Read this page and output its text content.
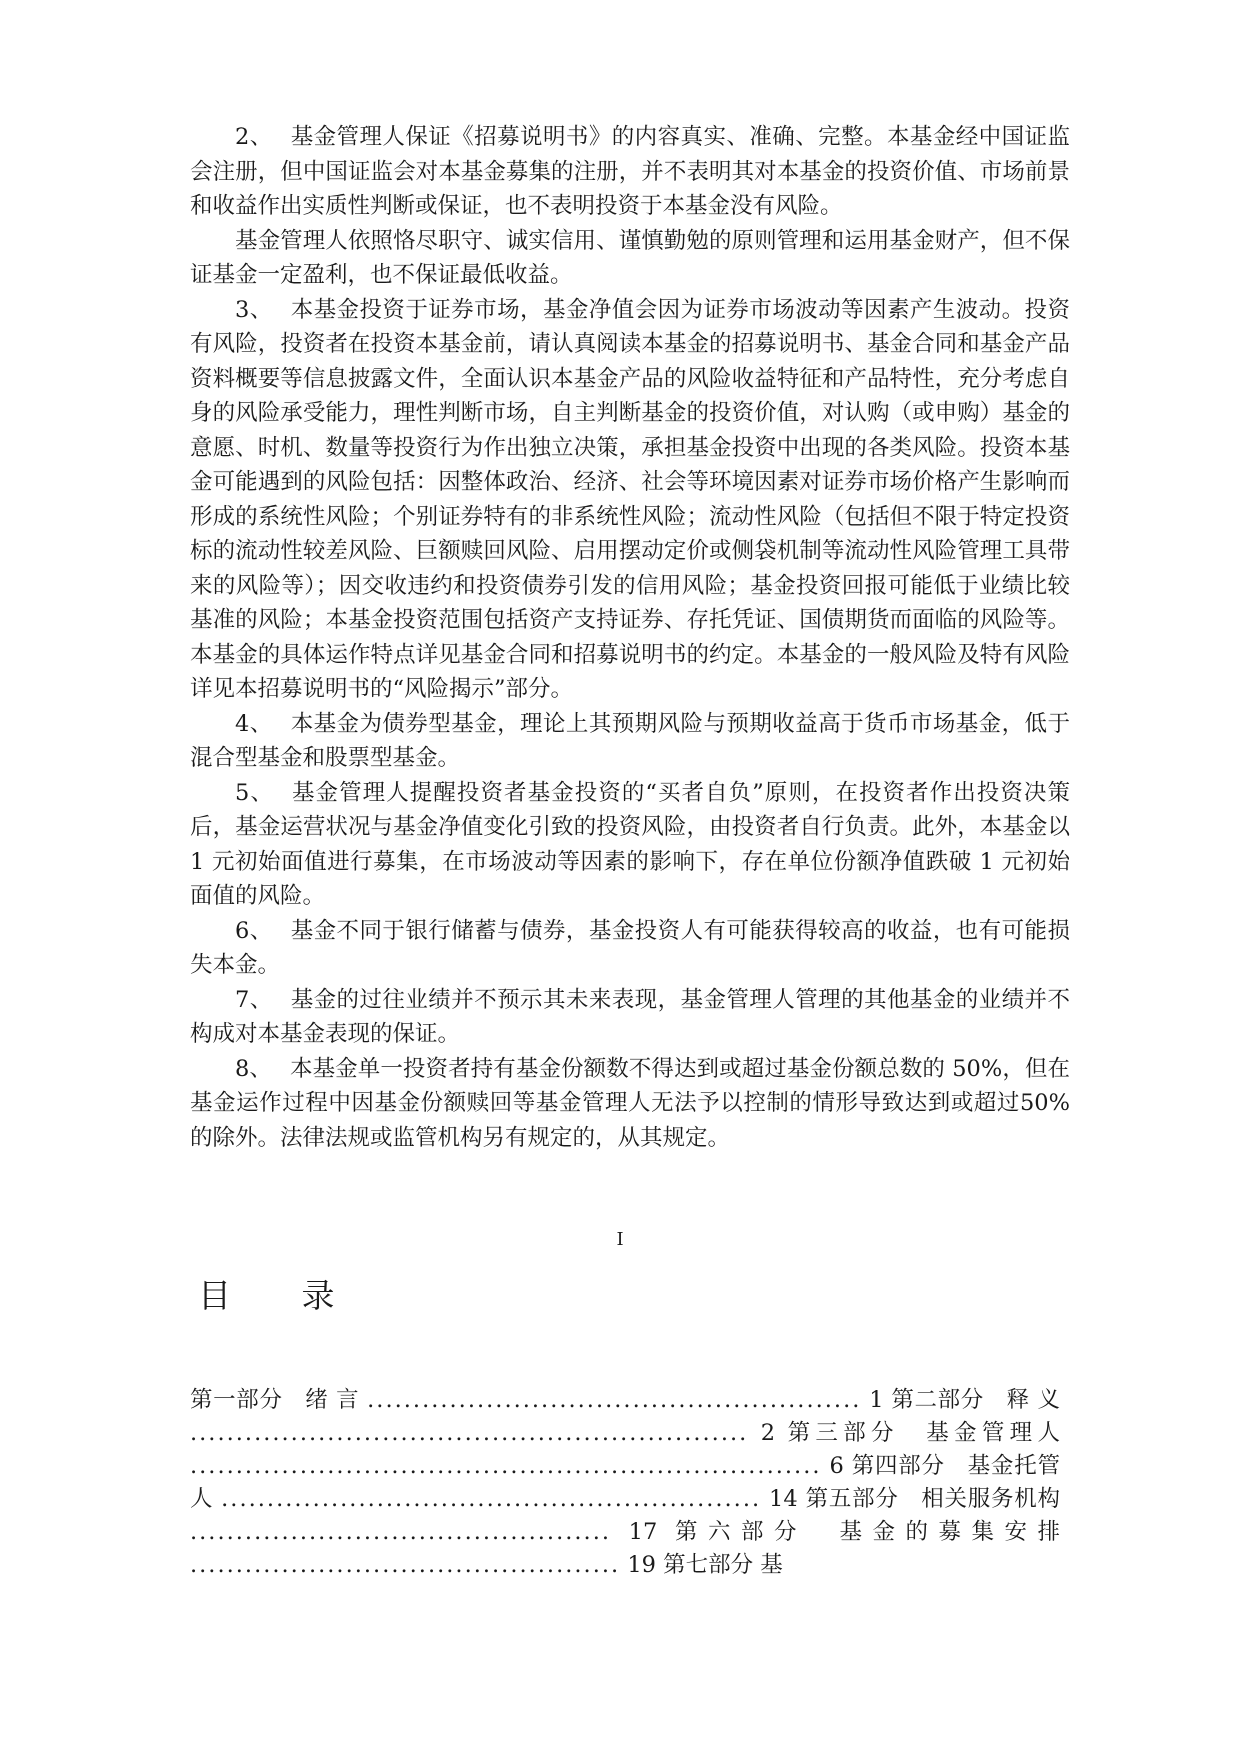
2、 基金管理人保证《招募说明书》的内容真实、准确、完整。本基金经中国证监会注册，但中国证监会对本基金募集的注册，并不表明其对本基金的投资价值、市场前景和收益作出实质性判断或保证，也不表明投资于本基金没有风险。

基金管理人依照恪尽职守、诚实信用、谨慎勤勉的原则管理和运用基金财产，但不保证基金一定盈利，也不保证最低收益。

3、 本基金投资于证券市场，基金净值会因为证券市场波动等因素产生波动。投资有风险，投资者在投资本基金前，请认真阅读本基金的招募说明书、基金合同和基金产品资料概要等信息披露文件，全面认识本基金产品的风险收益特征和产品特性，充分考虑自身的风险承受能力，理性判断市场，自主判断基金的投资价值，对认购（或申购）基金的意愿、时机、数量等投资行为作出独立决策，承担基金投资中出现的各类风险。投资本基金可能遇到的风险包括：因整体政治、经济、社会等环境因素对证券市场价格产生影响而形成的系统性风险；个别证券特有的非系统性风险；流动性风险（包括但不限于特定投资标的流动性较差风险、巨额赎回风险、启用摆动定价或侧袋机制等流动性风险管理工具带来的风险等）；因交收违约和投资债券引发的信用风险；基金投资回报可能低于业绩比较基准的风险；本基金投资范围包括资产支持证券、存托凭证、国债期货而面临的风险等。本基金的具体运作特点详见基金合同和招募说明书的约定。本基金的一般风险及特有风险详见本招募说明书的“风险揭示”部分。

4、 本基金为债券型基金，理论上其预期风险与预期收益高于货币市场基金，低于混合型基金和股票型基金。

5、 基金管理人提醒投资者基金投资的“买者自负”原则，在投资者作出投资决策后，基金运营状况与基金净值变化引致的投资风险，由投资者自行负责。此外，本基金以 1 元初始面值进行募集，在市场波动等因素的影响下，存在单位份额净值跌破 1 元初始面值的风险。

6、 基金不同于银行储蓄与债券，基金投资人有可能获得较高的收益，也有可能损失本金。

7、 基金的过往业绩并不预示其未来表现，基金管理人管理的其他基金的业绩并不构成对本基金表现的保证。

8、 本基金单一投资者持有基金份额数不得达到或超过基金份额总数的 50%，但在基金运作过程中因基金份额赎回等基金管理人无法予以控制的情形导致达到或超过50%的除外。法律法规或监管机构另有规定的，从其规定。

I
目 录
第一部分 绪 言 ...................................................... 1 第二部分 释 义 ............................................................. 2 第三部分 基金管理人 ..................................................................... 6 第四部分 基金托管人 ........................................................... 14 第五部分 相关服务机构 .............................................. 17 第六部分 基金的募集安排 ............................................... 19 第七部分 基
